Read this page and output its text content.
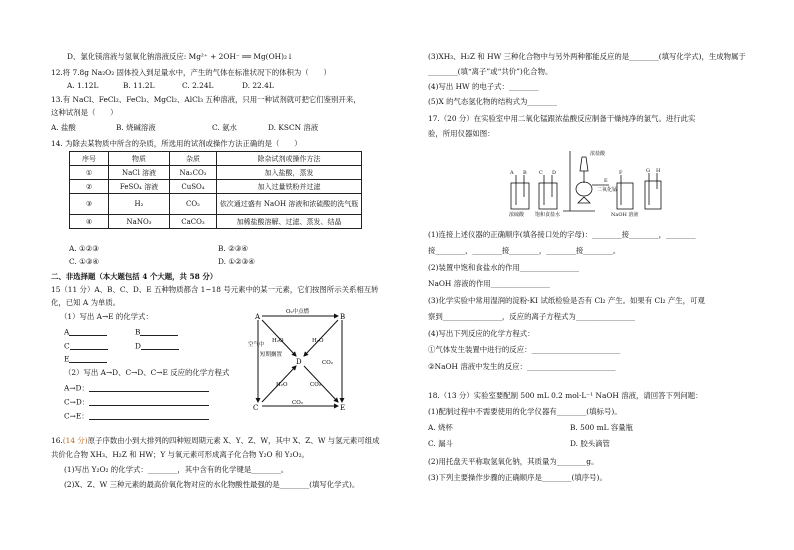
D、氯化镁溶液与氢氧化钠溶液反应: Mg²⁺ + 2OH⁻ ══ Mg(OH)₂↓
12.将 7.8g Na₂O₂ 固体投入到足量水中，产生的气体在标准状况下的体积为（　　）
A. 1.12L	B. 11.2L	C. 2.24L	D. 22.4L
13.有 NaCl、FeCl₂、FeCl₃、MgCl₂、AlCl₃ 五种溶液，只用一种试剂就可把它们鉴别开来，
这种试剂是（　　）
A. 盐酸	B. 烧碱溶液	C. 氨水	D. KSCN 溶液
14. 为除去某物质中所含的杂质，所选用的试剂或操作方法正确的是（　　）
序号	物质	杂质	除杂试剂或操作方法
①	NaCl 溶液	Na₂CO₃	加入盐酸，蒸发
②	FeSO₄ 溶液	CuSO₄	加入过量铁粉并过滤
③	H₂	CO₂	依次通过盛有 NaOH 溶液和浓硫酸的洗气瓶
④	NaNO₃	CaCO₃	加稀盐酸溶解、过滤、蒸发、结晶
A. ①②③	B. ②③④
C. ①③④	D. ①②③④
二、非选择题（本大题包括 4 个大题，共 58 分）
15（11 分）A、B、C、D、E 五种物质都含 1~18 号元素中的某一元素，它们按图所示关系相互转
化，已知 A 为单质。
（1）写出 A→E 的化学式：
A	B
C	D
E
（2）写出 A→D、C→D、C→E 反应的化学方程式
A→D：
C→D：
C→E：
A	B
C
D
E
O₂中点燃
空气中
短期搁置
H₂O	H₂O
CO₂
CO₂
H₂O
CO₂
16.(14 分)原子序数由小到大排列的四种短周期元素 X、Y、Z、W，其中 X、Z、W 与氢元素可组成
共价化合物 XH₃、H₂Z 和 HW；Y 与氧元素可形成离子化合物 Y₂O 和 Y₂O₂。
(1)写出 Y₂O₂ 的化学式：________，其中含有的化学键是________。
(2)X、Z、W 三种元素的最高价氧化物对应的水化物酸性最强的是________(填写化学式)。
(3)XH₃、H₂Z 和 HW 三种化合物中与另外两种都能反应的是________(填写化学式)，生成物属于
________(填“离子”或“共价”)化合物。
(4)写出 HW 的电子式：________
(5)X 的气态氢化物的结构式为________
17.（20 分）在实验室中用二氧化锰跟浓盐酸反应制备干燥纯净的氯气。进行此实
验，所用仪器如图：
A B C D
E
F	G H
浓盐酸
二氧化锰
浓硫酸 饱和食盐水	NaOH 溶液
(1)连接上述仪器的正确顺序(填各接口处的字母)：________接________，________
接________，________接________，________接________。
(2)装置中饱和食盐水的作用________________
NaOH 溶液的作用________________
(3)化学实验中常用湿润的淀粉-KI 试纸检验是否有 Cl₂ 产生。如果有 Cl₂ 产生，可观
察到________________，反应的离子方程式为________________
(4)写出下列反应的化学方程式：
①气体发生装置中进行的反应：________________________
②NaOH 溶液中发生的反应：________________________
18.（13 分）实验室要配制 500 mL 0.2 mol·L⁻¹ NaOH 溶液，请回答下列问题：
(1)配制过程中不需要使用的化学仪器有________(填标号)。
A. 烧杯	B. 500 mL 容量瓶
C. 漏斗	D. 胶头滴管
(2)用托盘天平称取氢氧化钠，其质量为________g。
(3)下列主要操作步骤的正确顺序是________(填序号)。
